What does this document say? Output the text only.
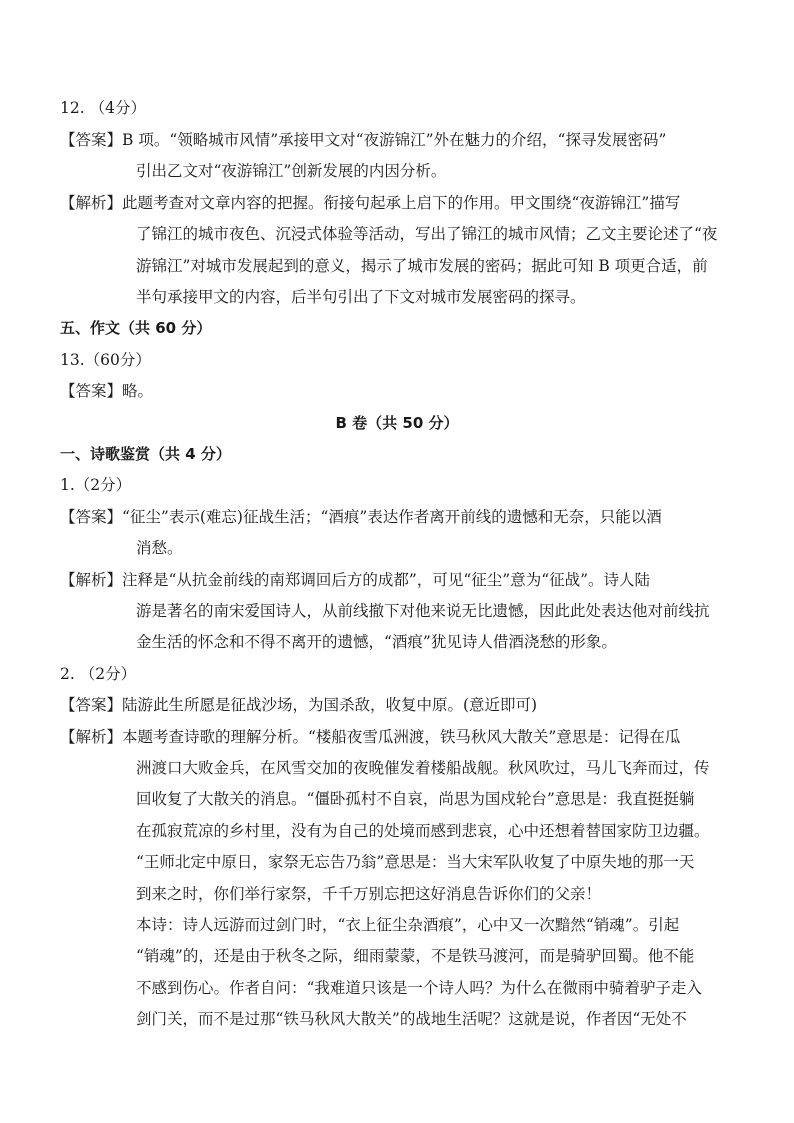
12. （4分）
【答案】B 项。“领略城市风情”承接甲文对“夜游锦江”外在魅力的介绍，“探寻发展密码”
引出乙文对“夜游锦江”创新发展的内因分析。
【解析】此题考查对文章内容的把握。衔接句起承上启下的作用。甲文围绕“夜游锦江”描写
了锦江的城市夜色、沉浸式体验等活动，写出了锦江的城市风情；乙文主要论述了“夜
游锦江”对城市发展起到的意义，揭示了城市发展的密码；据此可知 B 项更合适，前
半句承接甲文的内容，后半句引出了下文对城市发展密码的探寻。
五、作文（共 60 分）
13.（60分）
【答案】略。
B 卷（共 50 分）
一、诗歌鉴赏（共 4 分）
1.（2分）
【答案】“征尘”表示(难忘)征战生活；“酒痕”表达作者离开前线的遗憾和无奈，只能以酒
消愁。
【解析】注释是“从抗金前线的南郑调回后方的成都”，可见“征尘”意为“征战”。诗人陆
游是著名的南宋爱国诗人，从前线撤下对他来说无比遗憾，因此此处表达他对前线抗
金生活的怀念和不得不离开的遗憾，“酒痕”犹见诗人借酒浇愁的形象。
2. （2分）
【答案】陆游此生所愿是征战沙场，为国杀敌，收复中原。(意近即可)
【解析】本题考查诗歌的理解分析。“楼船夜雪瓜洲渡，铁马秋风大散关”意思是：记得在瓜
洲渡口大败金兵，在风雪交加的夜晚催发着楼船战舰。秋风吹过，马儿飞奔而过，传
回收复了大散关的消息。“僵卧孤村不自哀，尚思为国戍轮台”意思是：我直挺挺躺
在孤寂荒凉的乡村里，没有为自己的处境而感到悲哀，心中还想着替国家防卫边疆。
“王师北定中原日，家祭无忘告乃翁”意思是：当大宋军队收复了中原失地的那一天
到来之时，你们举行家祭，千千万别忘把这好消息告诉你们的父亲！
本诗：诗人远游而过剑门时，“衣上征尘杂酒痕”，心中又一次黯然“销魂”。引起
“销魂”的，还是由于秋冬之际，细雨蒙蒙，不是铁马渡河，而是骑驴回蜀。他不能
不感到伤心。作者自问：“我难道只该是一个诗人吗？为什么在微雨中骑着驴子走入
剑门关，而不是过那“铁马秋风大散关”的战地生活呢？这就是说，作者因“无处不
